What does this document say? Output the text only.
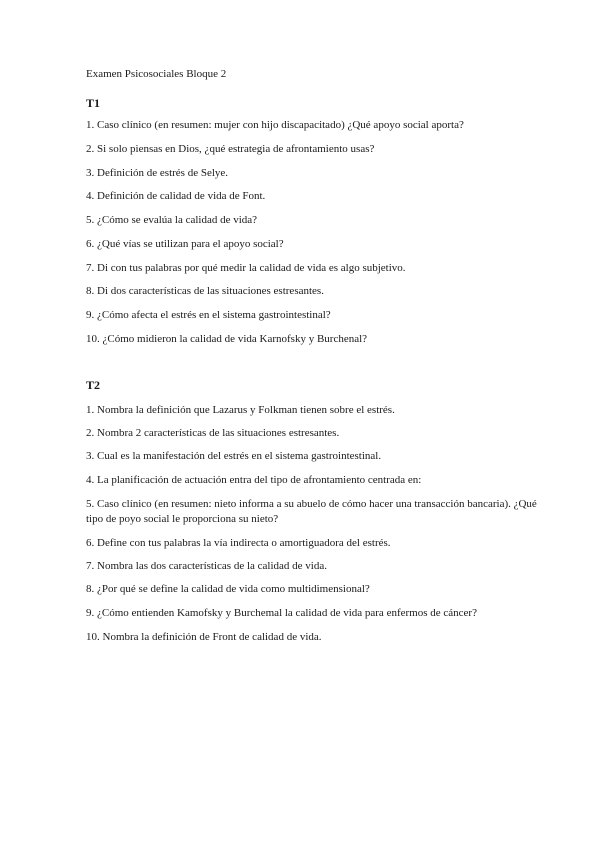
Examen Psicosociales Bloque 2
T1
1. Caso clínico (en resumen: mujer con hijo discapacitado) ¿Qué apoyo social aporta?
2. Si solo piensas en Dios, ¿qué estrategia de afrontamiento usas?
3. Definición de estrés de Selye.
4. Definición de calidad de vida de Font.
5. ¿Cómo se evalúa la calidad de vida?
6. ¿Qué vías se utilizan para el apoyo social?
7. Di con tus palabras por qué medir la calidad de vida es algo subjetivo.
8. Di dos características de las situaciones estresantes.
9. ¿Cómo afecta el estrés en el sistema gastrointestinal?
10. ¿Cómo midieron la calidad de vida Karnofsky y Burchenal?
T2
1. Nombra la definición que Lazarus y Folkman tienen sobre el estrés.
2. Nombra 2 características de las situaciones estresantes.
3. Cual es la manifestación del estrés en el sistema gastrointestinal.
4. La planificación de actuación entra del tipo de afrontamiento centrada en:
5. Caso clínico (en resumen: nieto informa a su abuelo de cómo hacer una transacción bancaria). ¿Qué tipo de poyo social le proporciona su nieto?
6. Define con tus palabras la vía indirecta o amortiguadora del estrés.
7. Nombra las dos características de la calidad de vida.
8. ¿Por qué se define la calidad de vida como multidimensional?
9. ¿Cómo entienden Kamofsky y Burchemal la calidad de vida para enfermos de cáncer?
10. Nombra la definición de Front de calidad de vida.
